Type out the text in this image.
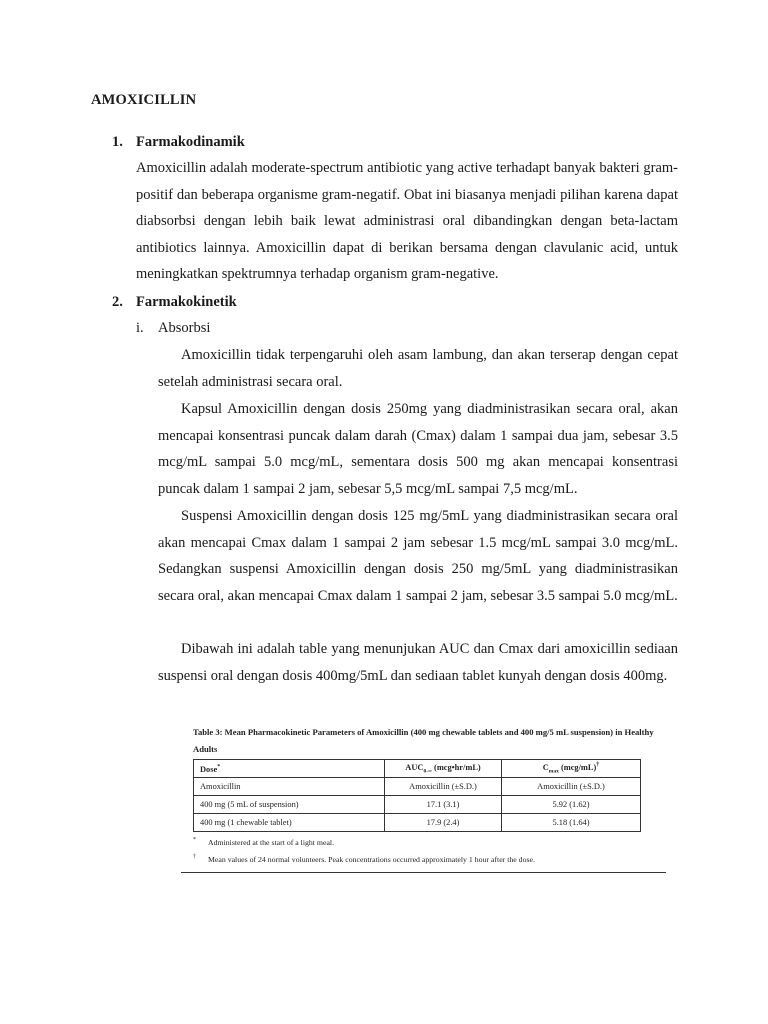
AMOXICILLIN
1. Farmakodinamik
Amoxicillin adalah moderate-spectrum antibiotic yang active terhadapt banyak bakteri gram-positif dan beberapa organisme gram-negatif. Obat ini biasanya menjadi pilihan karena dapat diabsorbsi dengan lebih baik lewat administrasi oral dibandingkan dengan beta-lactam antibiotics lainnya. Amoxicillin dapat di berikan bersama dengan clavulanic acid, untuk meningkatkan spektrumnya terhadap organism gram-negative.
2. Farmakokinetik
i. Absorbsi
Amoxicillin tidak terpengaruhi oleh asam lambung, dan akan terserap dengan cepat setelah administrasi secara oral.
Kapsul Amoxicillin dengan dosis 250mg yang diadministrasikan secara oral, akan mencapai konsentrasi puncak dalam darah (Cmax) dalam 1 sampai dua jam, sebesar 3.5 mcg/mL sampai 5.0 mcg/mL, sementara dosis 500 mg akan mencapai konsentrasi puncak dalam 1 sampai 2 jam, sebesar 5,5 mcg/mL sampai 7,5 mcg/mL.
Suspensi Amoxicillin dengan dosis 125 mg/5mL yang diadministrasikan secara oral akan mencapai Cmax dalam 1 sampai 2 jam sebesar 1.5 mcg/mL sampai 3.0 mcg/mL. Sedangkan suspensi Amoxicillin dengan dosis 250 mg/5mL yang diadministrasikan secara oral, akan mencapai Cmax dalam 1 sampai 2 jam, sebesar 3.5 sampai 5.0 mcg/mL.
Dibawah ini adalah table yang menunjukan AUC dan Cmax dari amoxicillin sediaan suspensi oral dengan dosis 400mg/5mL dan sediaan tablet kunyah dengan dosis 400mg.
Table 3: Mean Pharmacokinetic Parameters of Amoxicillin (400 mg chewable tablets and 400 mg/5 mL suspension) in Healthy Adults
Dose*	$AUC_{0-\infty}$ (mcg•hr/mL)	$C_{max}$ (mcg/mL)†
Amoxicillin	Amoxicillin (±S.D.)	Amoxicillin (±S.D.)
400 mg (5 mL of suspension)	17.1 (3.1)	5.92 (1.62)
400 mg (1 chewable tablet)	17.9 (2.4)	5.18 (1.64)
* Administered at the start of a light meal.
† Mean values of 24 normal volunteers. Peak concentrations occurred approximately 1 hour after the dose.
